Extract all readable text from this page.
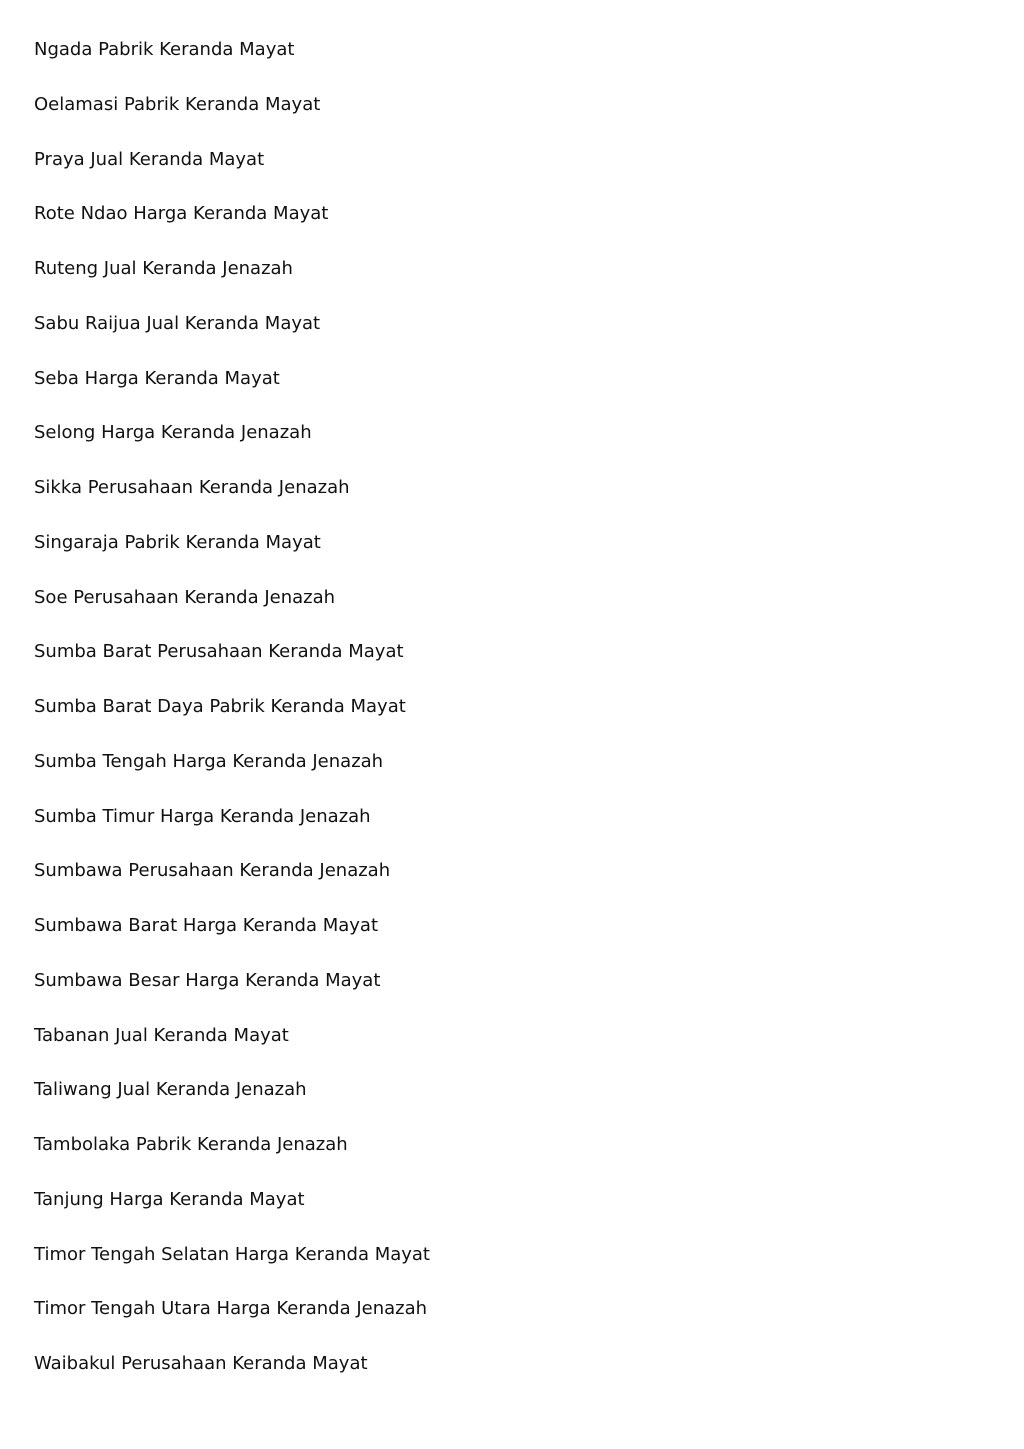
Ngada Pabrik Keranda Mayat
Oelamasi Pabrik Keranda Mayat
Praya Jual Keranda Mayat
Rote Ndao Harga Keranda Mayat
Ruteng Jual Keranda Jenazah
Sabu Raijua Jual Keranda Mayat
Seba Harga Keranda Mayat
Selong Harga Keranda Jenazah
Sikka Perusahaan Keranda Jenazah
Singaraja Pabrik Keranda Mayat
Soe Perusahaan Keranda Jenazah
Sumba Barat Perusahaan Keranda Mayat
Sumba Barat Daya Pabrik Keranda Mayat
Sumba Tengah Harga Keranda Jenazah
Sumba Timur Harga Keranda Jenazah
Sumbawa Perusahaan Keranda Jenazah
Sumbawa Barat Harga Keranda Mayat
Sumbawa Besar Harga Keranda Mayat
Tabanan Jual Keranda Mayat
Taliwang Jual Keranda Jenazah
Tambolaka Pabrik Keranda Jenazah
Tanjung Harga Keranda Mayat
Timor Tengah Selatan Harga Keranda Mayat
Timor Tengah Utara Harga Keranda Jenazah
Waibakul Perusahaan Keranda Mayat
